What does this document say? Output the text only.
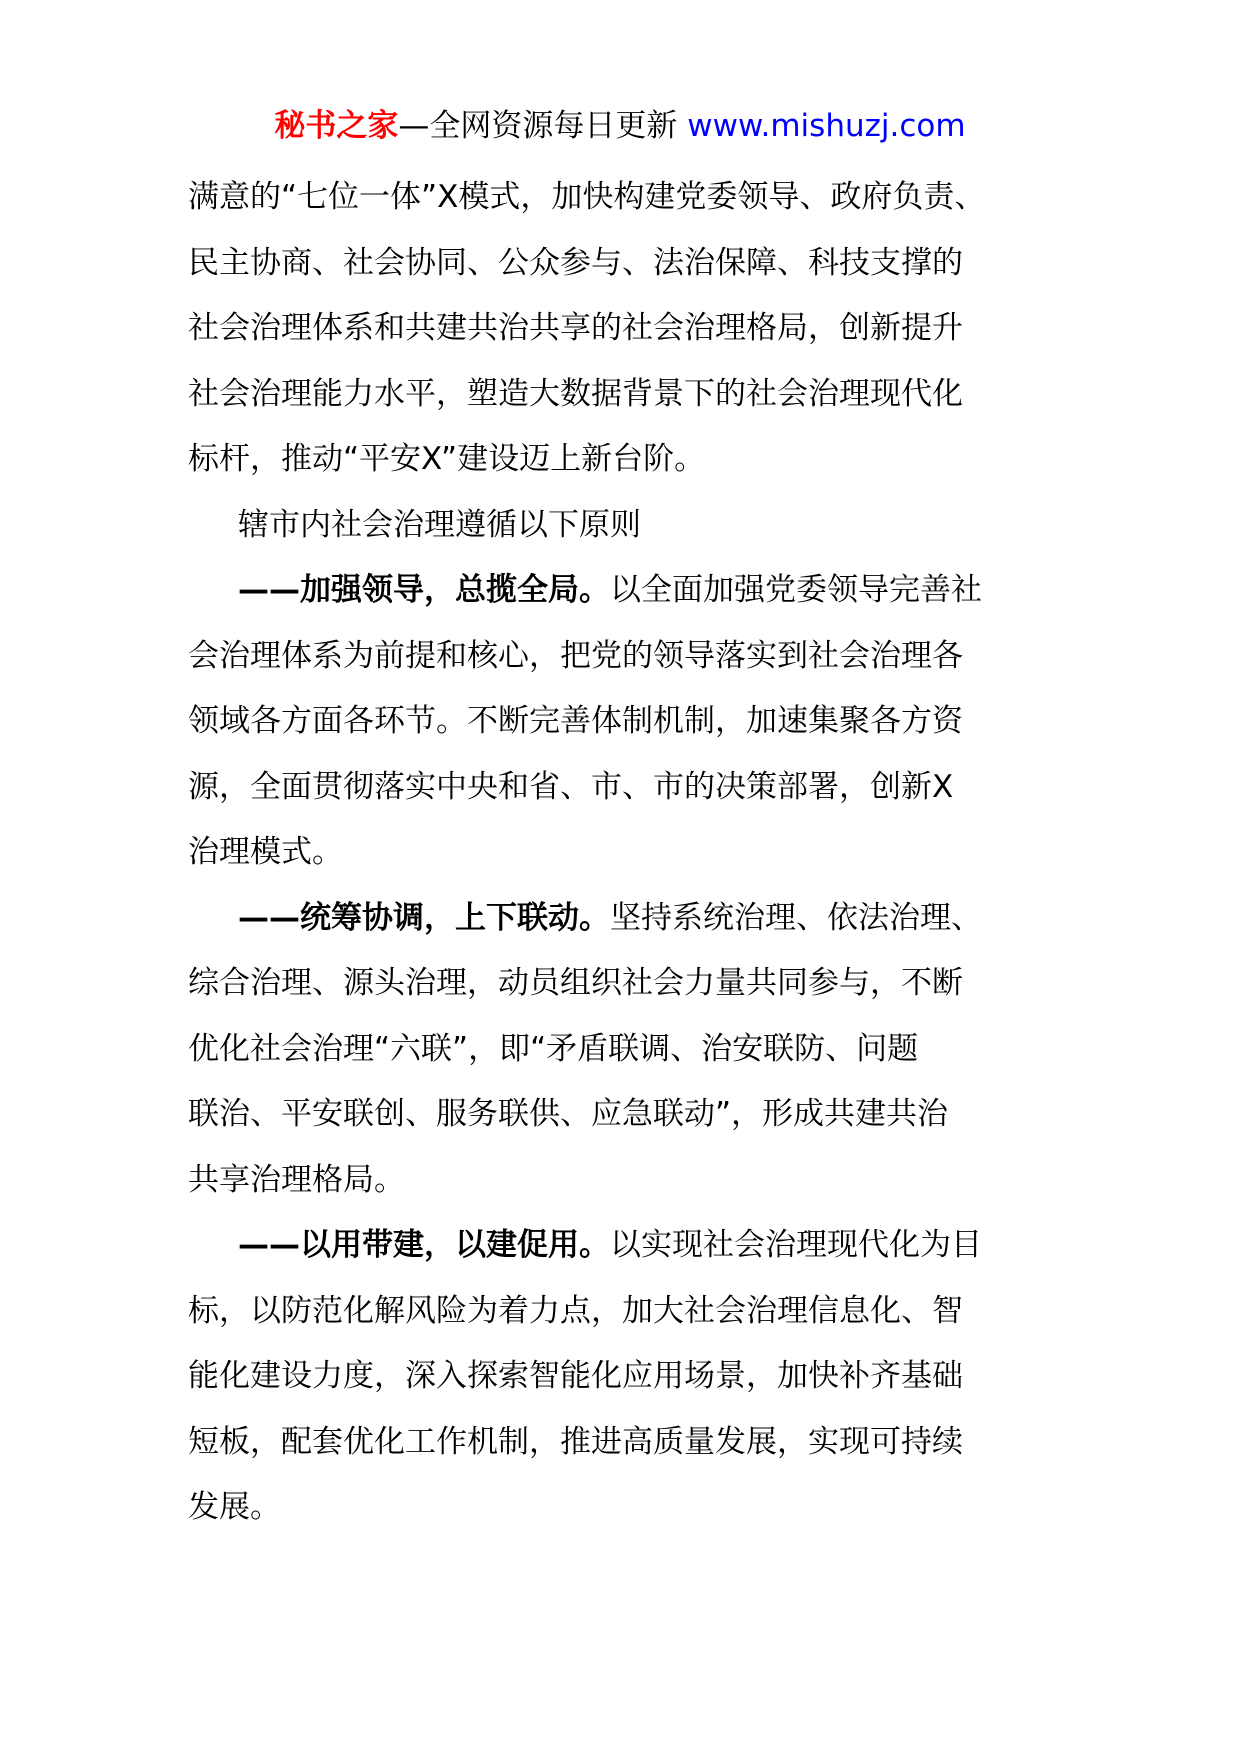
秘书之家—全网资源每日更新 www.mishuzj.com
满意的“七位一体”X模式，加快构建党委领导、政府负责、
民主协商、社会协同、公众参与、法治保障、科技支撑的
社会治理体系和共建共治共享的社会治理格局，创新提升
社会治理能力水平，塑造大数据背景下的社会治理现代化
标杆，推动“平安X”建设迈上新台阶。
辖市内社会治理遵循以下原则
——加强领导，总揽全局。以全面加强党委领导完善社
会治理体系为前提和核心，把党的领导落实到社会治理各
领域各方面各环节。不断完善体制机制，加速集聚各方资
源，全面贯彻落实中央和省、市、市的决策部署，创新X
治理模式。
——统筹协调，上下联动。坚持系统治理、依法治理、
综合治理、源头治理，动员组织社会力量共同参与，不断
优化社会治理“六联”，即“矛盾联调、治安联防、问题
联治、平安联创、服务联供、应急联动”，形成共建共治
共享治理格局。
——以用带建，以建促用。以实现社会治理现代化为目
标，以防范化解风险为着力点，加大社会治理信息化、智
能化建设力度，深入探索智能化应用场景，加快补齐基础
短板，配套优化工作机制，推进高质量发展，实现可持续
发展。
